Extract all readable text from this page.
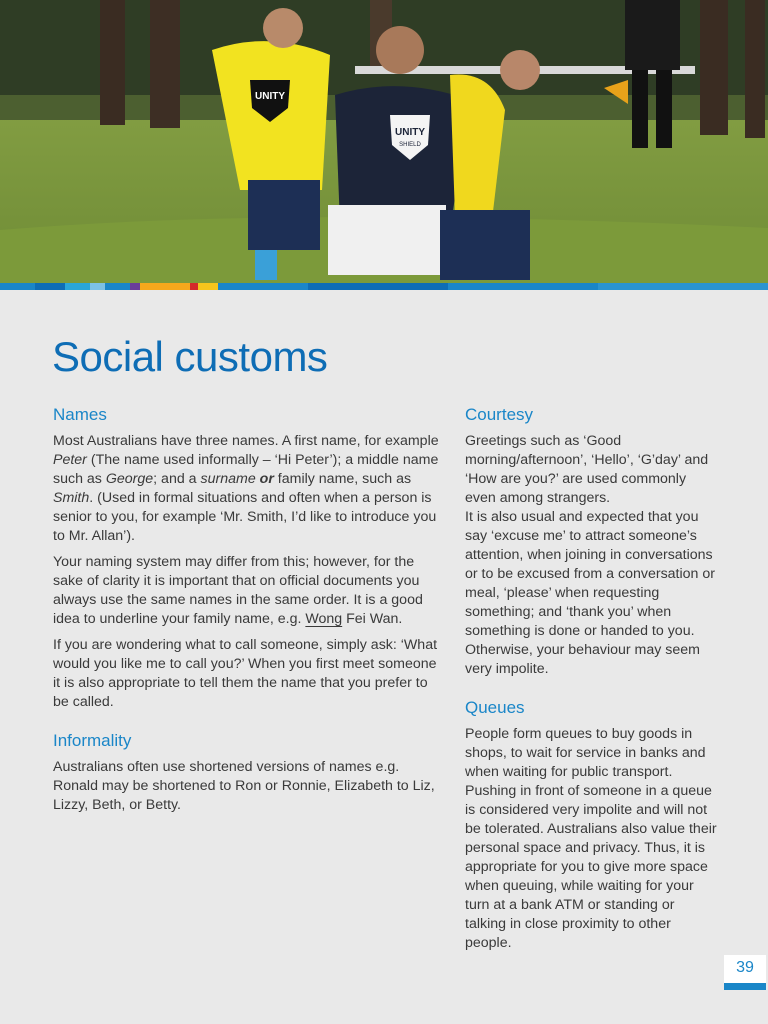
UNITY
UNITY
SHIELD
Social customs
Names

Most Australians have three names. A first name, for example Peter (The name used informally – ‘Hi Peter’); a middle name such as George; and a surname or family name, such as Smith. (Used in formal situations and often when a person is senior to you, for example ‘Mr. Smith, I’d like to introduce you to Mr. Allan’).

Your naming system may differ from this; however, for the sake of clarity it is important that on official documents you always use the same names in the same order. It is a good idea to underline your family name, e.g. Wong Fei Wan.

If you are wondering what to call someone, simply ask: ‘What would you like me to call you?’ When you first meet someone it is also appropriate to tell them the name that you prefer to be called.

Informality

Australians often use shortened versions of names e.g. Ronald may be shortened to Ron or Ronnie, Elizabeth to Liz, Lizzy, Beth, or Betty.

Courtesy

Greetings such as ‘Good morning/afternoon’, ‘Hello’, ‘G’day’ and ‘How are you?’ are used commonly even among strangers.

It is also usual and expected that you say ‘excuse me’ to attract someone’s attention, when joining in conversations or to be excused from a conversation or meal, ‘please’ when requesting something; and ‘thank you’ when something is done or handed to you. Otherwise, your behaviour may seem very impolite.

Queues

People form queues to buy goods in shops, to wait for service in banks and when waiting for public transport. Pushing in front of someone in a queue is considered very impolite and will not be tolerated. Australians also value their personal space and privacy. Thus, it is appropriate for you to give more space when queuing, while waiting for your turn at a bank ATM or standing or talking in close proximity to other people.

39
